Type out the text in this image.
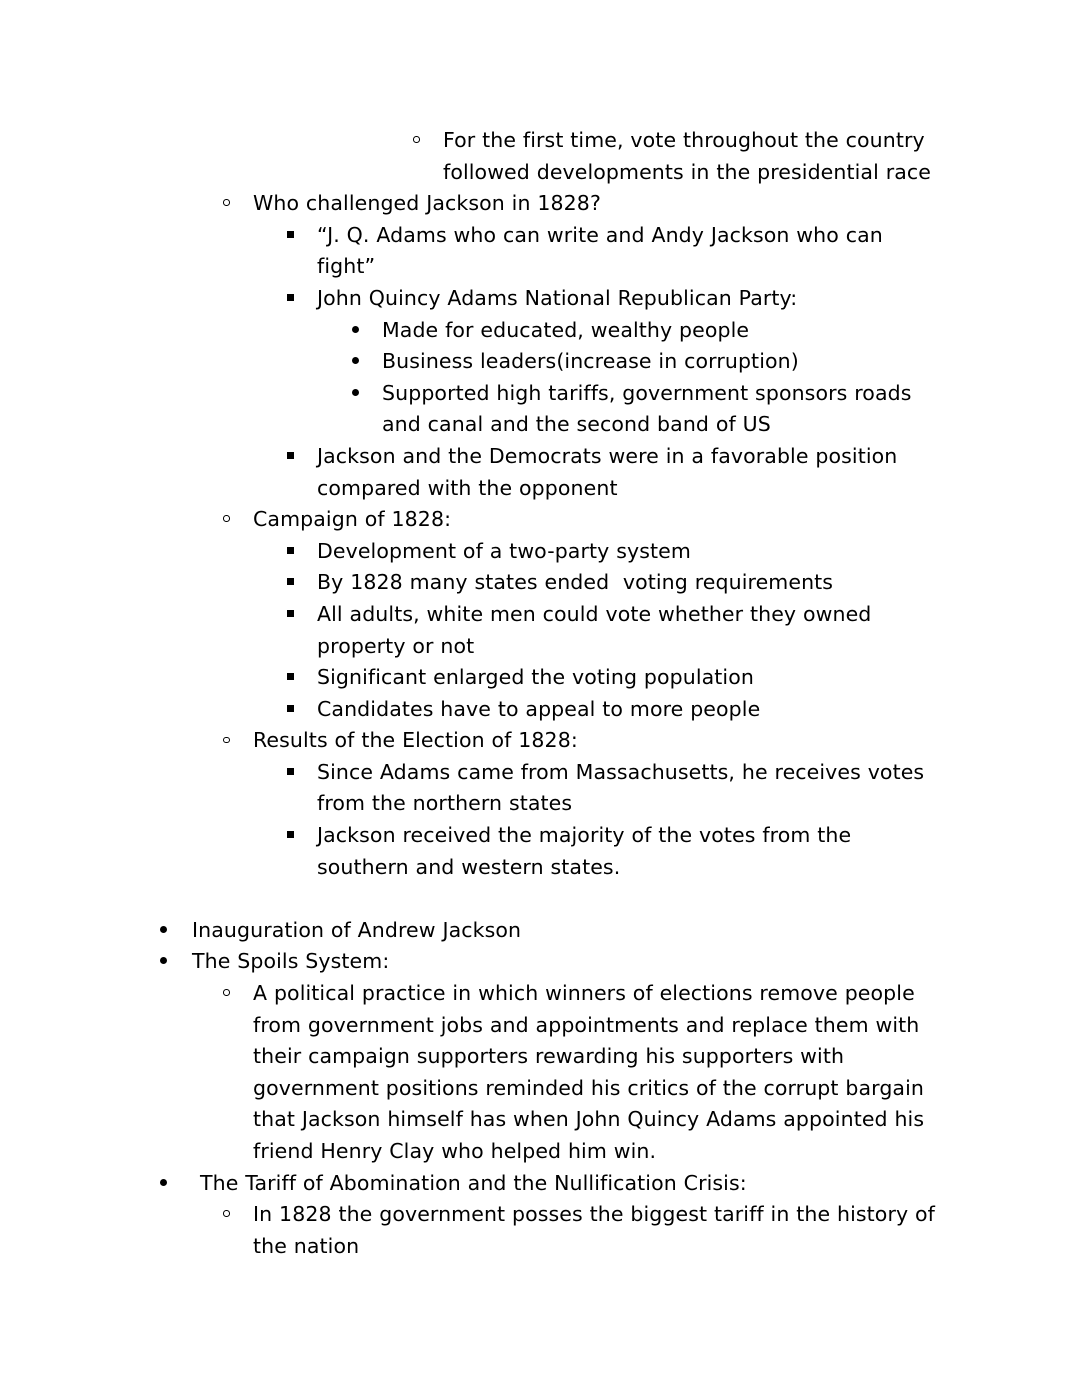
For the first time, vote throughout the country followed developments in the presidential race
Who challenged Jackson in 1828?
“J. Q. Adams who can write and Andy Jackson who can fight”
John Quincy Adams National Republican Party:
Made for educated, wealthy people
Business leaders(increase in corruption)
Supported high tariffs, government sponsors roads and canal and the second band of US
Jackson and the Democrats were in a favorable position compared with the opponent
Campaign of 1828:
Development of a two-party system
By 1828 many states ended  voting requirements
All adults, white men could vote whether they owned property or not
Significant enlarged the voting population
Candidates have to appeal to more people
Results of the Election of 1828:
Since Adams came from Massachusetts, he receives votes from the northern states
Jackson received the majority of the votes from the southern and western states.
Inauguration of Andrew Jackson
The Spoils System:
A political practice in which winners of elections remove people from government jobs and appointments and replace them with their campaign supporters rewarding his supporters with government positions reminded his critics of the corrupt bargain that Jackson himself has when John Quincy Adams appointed his friend Henry Clay who helped him win.
The Tariff of Abomination and the Nullification Crisis:
In 1828 the government posses the biggest tariff in the history of the nation
